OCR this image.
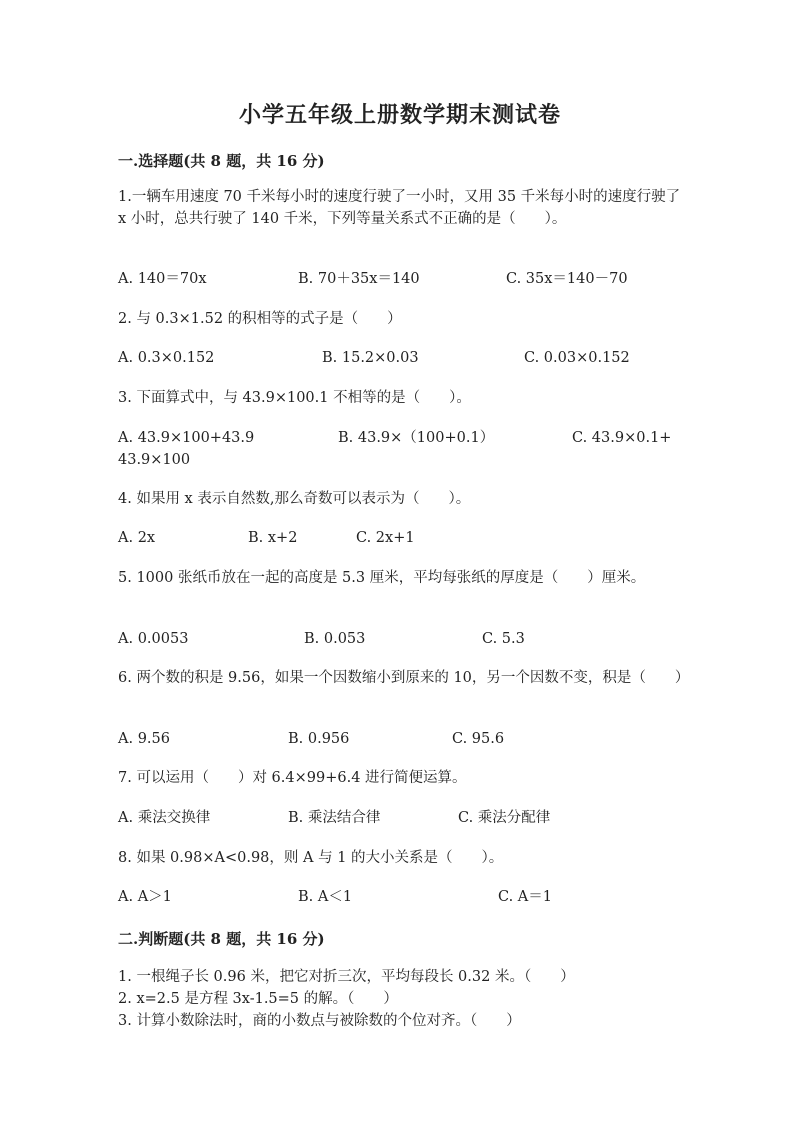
小学五年级上册数学期末测试卷
一.选择题(共 8 题，共 16 分)
1.一辆车用速度 70 千米每小时的速度行驶了一小时，又用 35 千米每小时的速度行驶了 x 小时，总共行驶了 140 千米，下列等量关系式不正确的是（　　）。
A. 140＝70x	B. 70＋35x＝140	C. 35x＝140－70
2. 与 0.3×1.52 的积相等的式子是（　　）
A. 0.3×0.152	B. 15.2×0.03	C. 0.03×0.152
3. 下面算式中，与 43.9×100.1 不相等的是（　　）。
A. 43.9×100+43.9	B. 43.9×（100+0.1）	C. 43.9×0.1+
43.9×100
4. 如果用 x 表示自然数,那么奇数可以表示为（　　）。
A. 2x	B. x+2	C. 2x+1
5. 1000 张纸币放在一起的高度是 5.3 厘米，平均每张纸的厚度是（　　）厘米。
A. 0.0053	B. 0.053	C. 5.3
6. 两个数的积是 9.56，如果一个因数缩小到原来的 10，另一个因数不变，积是（　　）
A. 9.56	B. 0.956	C. 95.6
7. 可以运用（　　）对 6.4×99+6.4 进行简便运算。
A. 乘法交换律	B. 乘法结合律	C. 乘法分配律
8. 如果 0.98×A<0.98，则 A 与 1 的大小关系是（　　）。
A. A＞1	B. A＜1	C. A＝1
二.判断题(共 8 题，共 16 分)
1. 一根绳子长 0.96 米，把它对折三次，平均每段长 0.32 米。（　　）
2. x=2.5 是方程 3x-1.5=5 的解。（　　）
3. 计算小数除法时，商的小数点与被除数的个位对齐。（　　）
